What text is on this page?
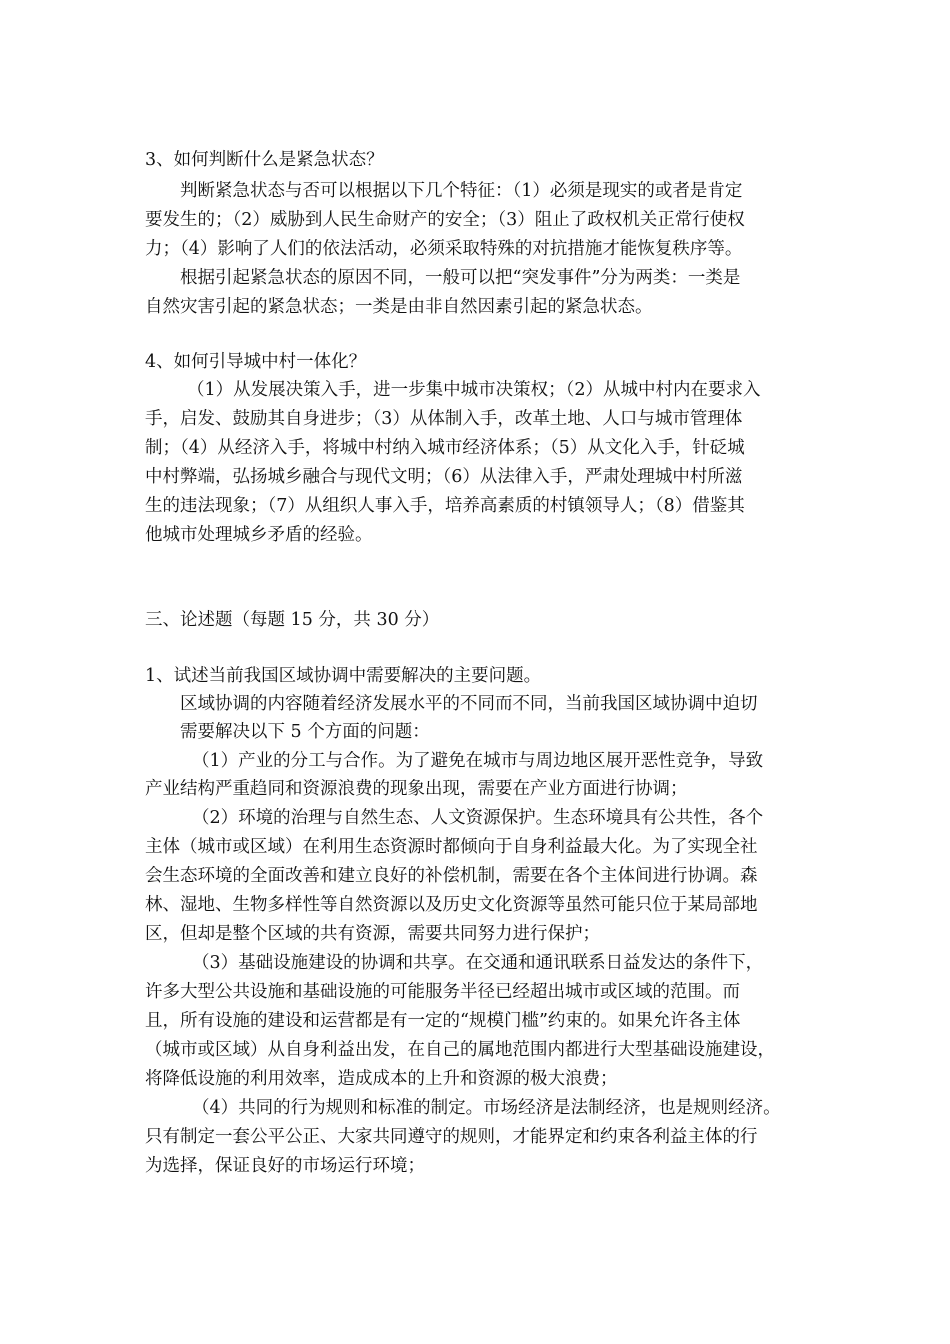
3、如何判断什么是紧急状态？
判断紧急状态与否可以根据以下几个特征：（1）必须是现实的或者是肯定
要发生的；（2）威胁到人民生命财产的安全；（3）阻止了政权机关正常行使权
力；（4）影响了人们的依法活动，必须采取特殊的对抗措施才能恢复秩序等。
根据引起紧急状态的原因不同，一般可以把“突发事件”分为两类：一类是
自然灾害引起的紧急状态；一类是由非自然因素引起的紧急状态。
4、如何引导城中村一体化？
（1）从发展决策入手，进一步集中城市决策权；（2）从城中村内在要求入
手，启发、鼓励其自身进步；（3）从体制入手，改革土地、人口与城市管理体
制；（4）从经济入手，将城中村纳入城市经济体系；（5）从文化入手，针砭城
中村弊端，弘扬城乡融合与现代文明；（6）从法律入手，严肃处理城中村所滋
生的违法现象；（7）从组织人事入手，培养高素质的村镇领导人；（8）借鉴其
他城市处理城乡矛盾的经验。
三、论述题（每题 15 分，共 30 分）
1、试述当前我国区域协调中需要解决的主要问题。
区域协调的内容随着经济发展水平的不同而不同，当前我国区域协调中迫切
需要解决以下 5 个方面的问题：
（1）产业的分工与合作。为了避免在城市与周边地区展开恶性竞争，导致
产业结构严重趋同和资源浪费的现象出现，需要在产业方面进行协调；
（2）环境的治理与自然生态、人文资源保护。生态环境具有公共性，各个
主体（城市或区域）在利用生态资源时都倾向于自身利益最大化。为了实现全社
会生态环境的全面改善和建立良好的补偿机制，需要在各个主体间进行协调。森
林、湿地、生物多样性等自然资源以及历史文化资源等虽然可能只位于某局部地
区，但却是整个区域的共有资源，需要共同努力进行保护；
（3）基础设施建设的协调和共享。在交通和通讯联系日益发达的条件下，
许多大型公共设施和基础设施的可能服务半径已经超出城市或区域的范围。而
且，所有设施的建设和运营都是有一定的“规模门槛”约束的。如果允许各主体
（城市或区域）从自身利益出发，在自己的属地范围内都进行大型基础设施建设，
将降低设施的利用效率，造成成本的上升和资源的极大浪费；
（4）共同的行为规则和标准的制定。市场经济是法制经济，也是规则经济。
只有制定一套公平公正、大家共同遵守的规则，才能界定和约束各利益主体的行
为选择，保证良好的市场运行环境；
